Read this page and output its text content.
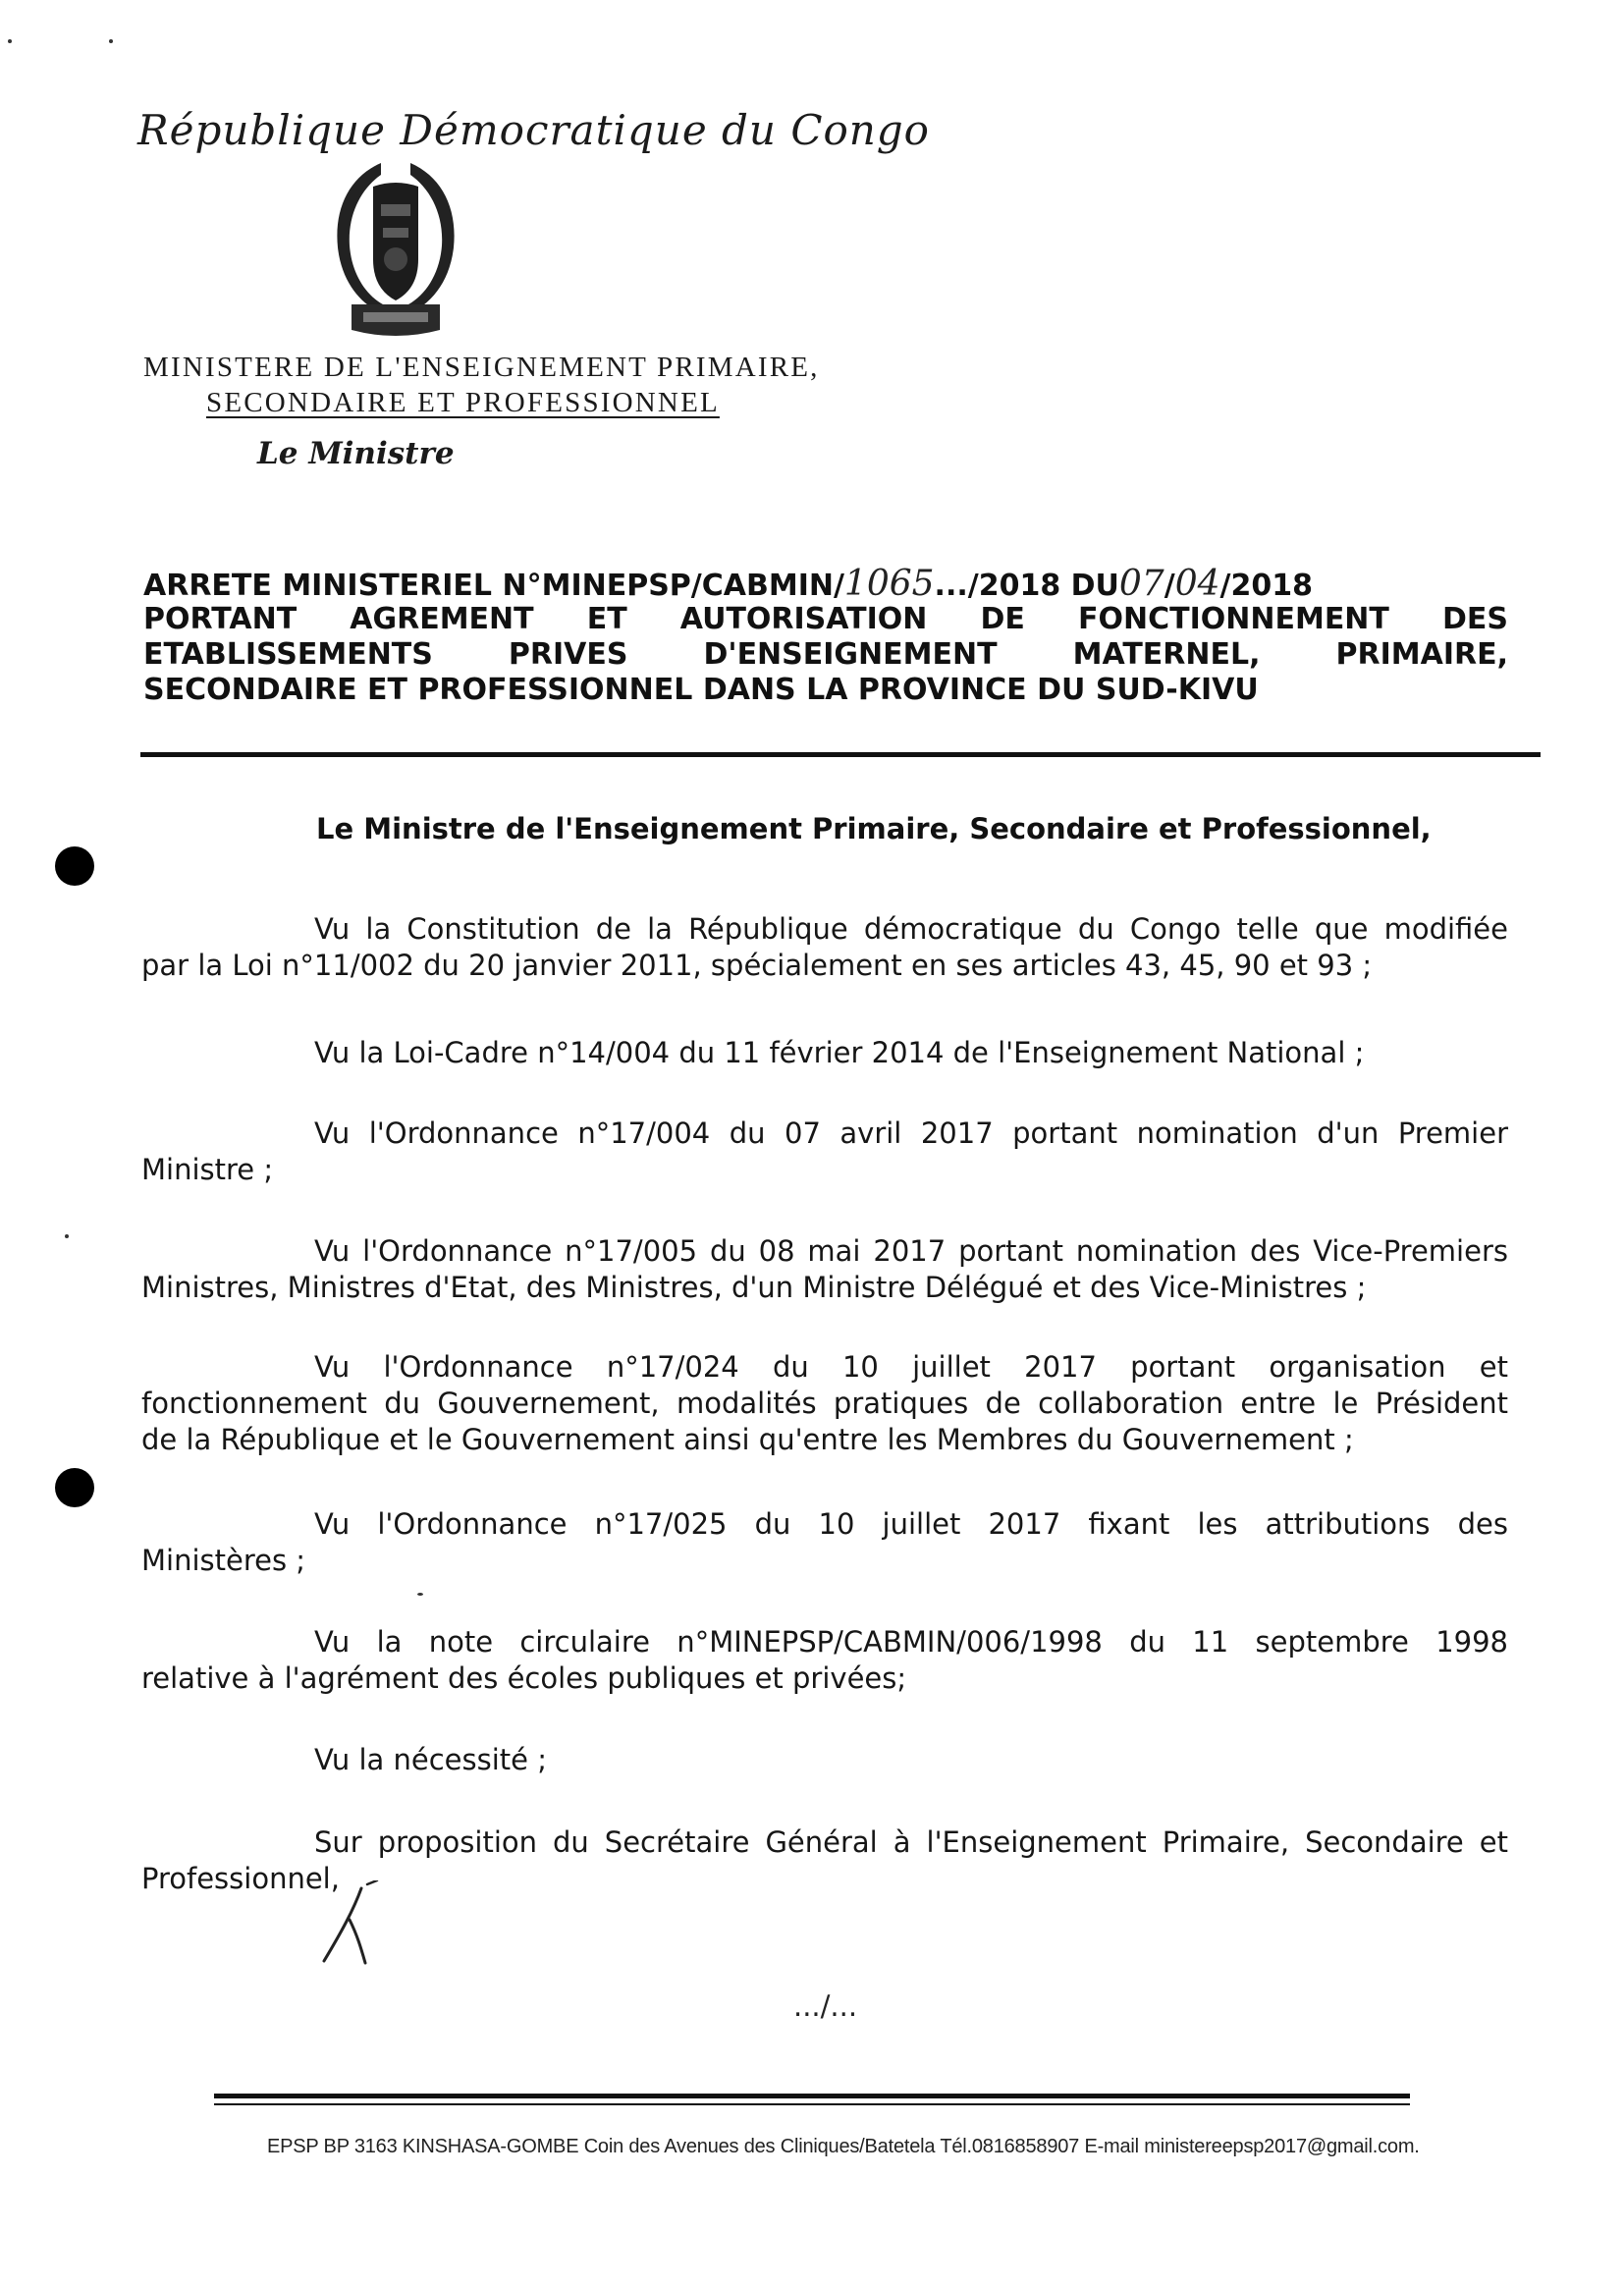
République Démocratique du Congo
MINISTERE DE L'ENSEIGNEMENT PRIMAIRE,
SECONDAIRE ET PROFESSIONNEL
Le Ministre
ARRETE MINISTERIEL N°MINEPSP/CABMIN/1065.../2018 DU07/04/2018
PORTANT AGREMENT ET AUTORISATION DE FONCTIONNEMENT DES
ETABLISSEMENTS PRIVES D'ENSEIGNEMENT MATERNEL, PRIMAIRE,
SECONDAIRE ET PROFESSIONNEL DANS LA PROVINCE DU SUD-KIVU
Le Ministre de l'Enseignement Primaire, Secondaire et Professionnel,
Vu la Constitution de la République démocratique du Congo telle que modifiée
par la Loi n°11/002 du 20 janvier 2011, spécialement en ses articles 43, 45, 90 et 93 ;
Vu la Loi-Cadre n°14/004 du 11 février 2014 de l'Enseignement National ;
Vu l'Ordonnance n°17/004 du 07 avril 2017 portant nomination d'un Premier
Ministre ;
Vu l'Ordonnance n°17/005 du 08 mai 2017 portant nomination des Vice-Premiers
Ministres, Ministres d'Etat, des Ministres, d'un Ministre Délégué et des Vice-Ministres ;
Vu l'Ordonnance n°17/024 du 10 juillet 2017 portant organisation et
fonctionnement du Gouvernement, modalités pratiques de collaboration entre le Président
de la République et le Gouvernement ainsi qu'entre les Membres du Gouvernement ;
Vu l'Ordonnance n°17/025 du 10 juillet 2017 fixant les attributions des
Ministères ;
Vu la note circulaire n°MINEPSP/CABMIN/006/1998 du 11 septembre 1998
relative à l'agrément des écoles publiques et privées;
Vu la nécessité ;
Sur proposition du Secrétaire Général à l'Enseignement Primaire, Secondaire et
Professionnel,
.../...
EPSP BP 3163 KINSHASA-GOMBE Coin des Avenues des Cliniques/Batetela Tél.0816858907 E-mail ministereepsp2017@gmail.com.
